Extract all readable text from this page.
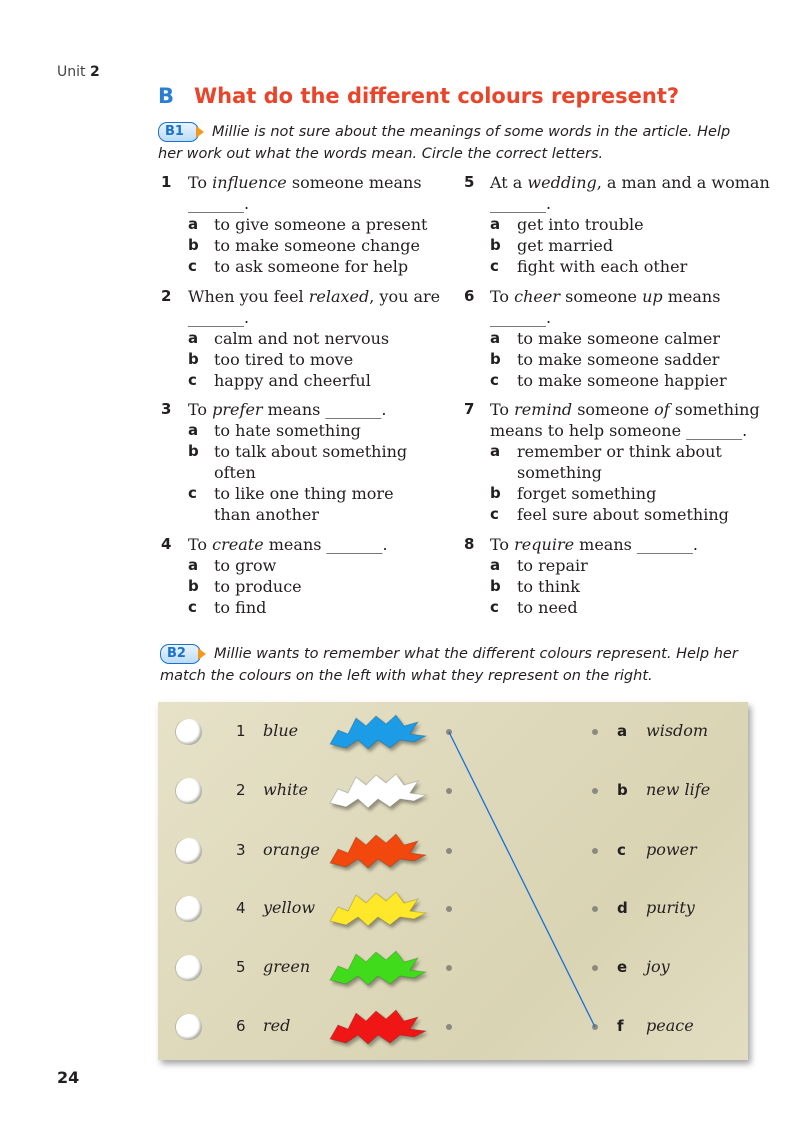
Unit 2
B What do the different colours represent?
B1	Millie is not sure about the meanings of some words in the article. Help
her work out what the words mean. Circle the correct letters.
1 To influence someone means
_______.
a to give someone a present
b to make someone change
c to ask someone for help
2 When you feel relaxed, you are
_______.
a calm and not nervous
b too tired to move
c happy and cheerful
3 To prefer means _______.
a to hate something
b to talk about something
often
c to like one thing more
than another
4 To create means _______.
a to grow
b to produce
c to find
5 At a wedding, a man and a woman
_______.
a get into trouble
b get married
c fight with each other
6 To cheer someone up means
_______.
a to make someone calmer
b to make someone sadder
c to make someone happier
7 To remind someone of something
means to help someone _______.
a remember or think about
something
b forget something
c feel sure about something
8 To require means _______.
a to repair
b to think
c to need
B2	Millie wants to remember what the different colours represent. Help her
match the colours on the left with what they represent on the right.
1 blue
2 white
3 orange
4 yellow
5 green
6 red
a wisdom
b new life
c power
d purity
e joy
f peace
24
